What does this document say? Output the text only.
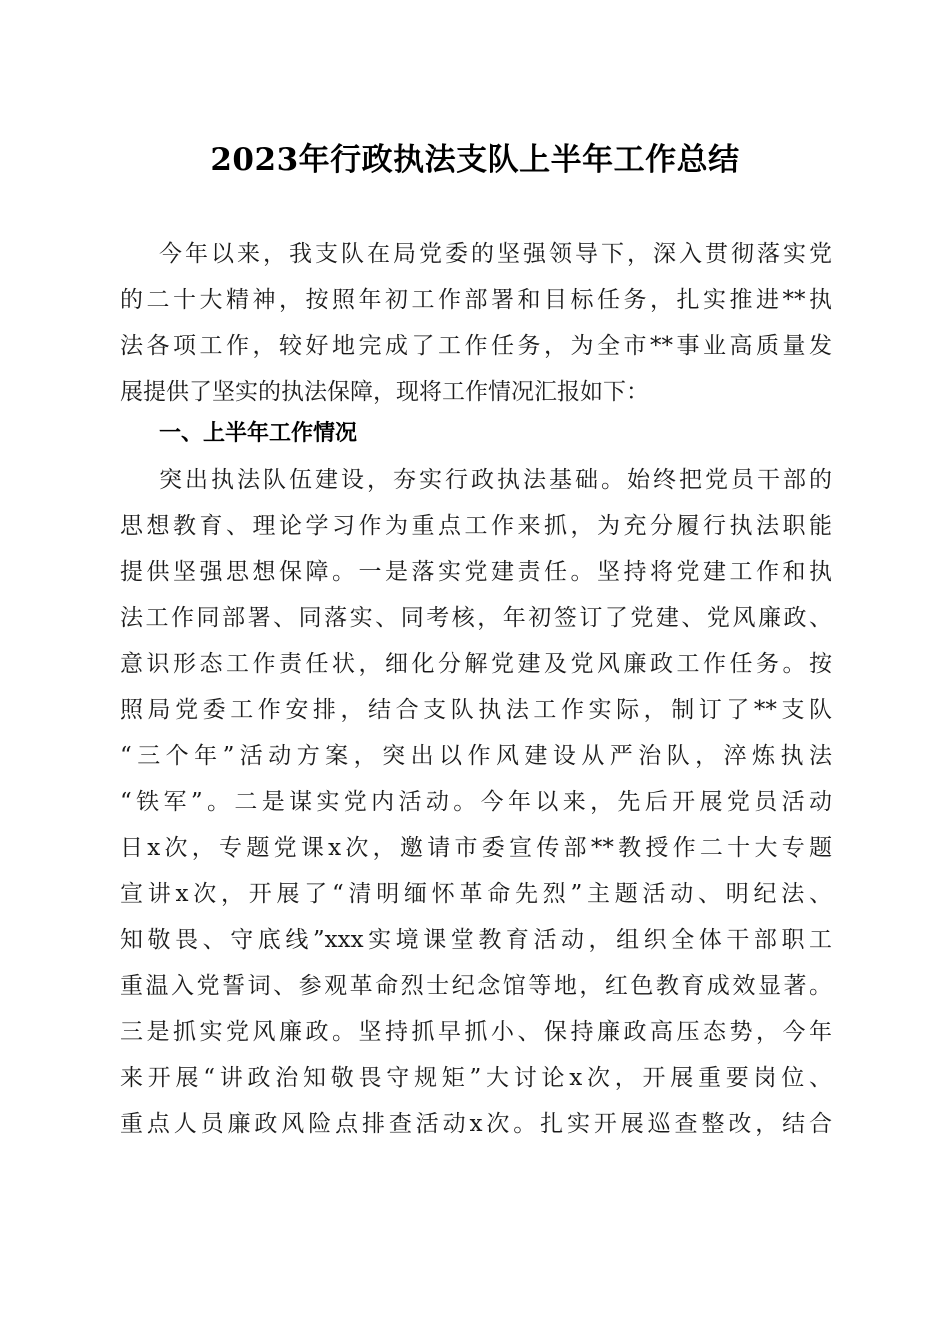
2023年行政执法支队上半年工作总结
今年以来，我支队在局党委的坚强领导下，深入贯彻落实党
的二十大精神，按照年初工作部署和目标任务，扎实推进**执
法各项工作，较好地完成了工作任务，为全市**事业高质量发
展提供了坚实的执法保障，现将工作情况汇报如下：
一、上半年工作情况
突出执法队伍建设，夯实行政执法基础。始终把党员干部的
思想教育、理论学习作为重点工作来抓，为充分履行执法职能
提供坚强思想保障。一是落实党建责任。坚持将党建工作和执
法工作同部署、同落实、同考核，年初签订了党建、党风廉政、
意识形态工作责任状，细化分解党建及党风廉政工作任务。按
照局党委工作安排，结合支队执法工作实际，制订了**支队
“三个年”活动方案，突出以作风建设从严治队，淬炼执法
“铁军”。二是谋实党内活动。今年以来，先后开展党员活动
日x次，专题党课x次，邀请市委宣传部**教授作二十大专题
宣讲x次，开展了“清明缅怀革命先烈”主题活动、明纪法、
知敬畏、守底线”xxx实境课堂教育活动，组织全体干部职工
重温入党誓词、参观革命烈士纪念馆等地，红色教育成效显著。
三是抓实党风廉政。坚持抓早抓小、保持廉政高压态势，今年
来开展“讲政治知敬畏守规矩”大讨论x次，开展重要岗位、
重点人员廉政风险点排查活动x次。扎实开展巡查整改，结合
